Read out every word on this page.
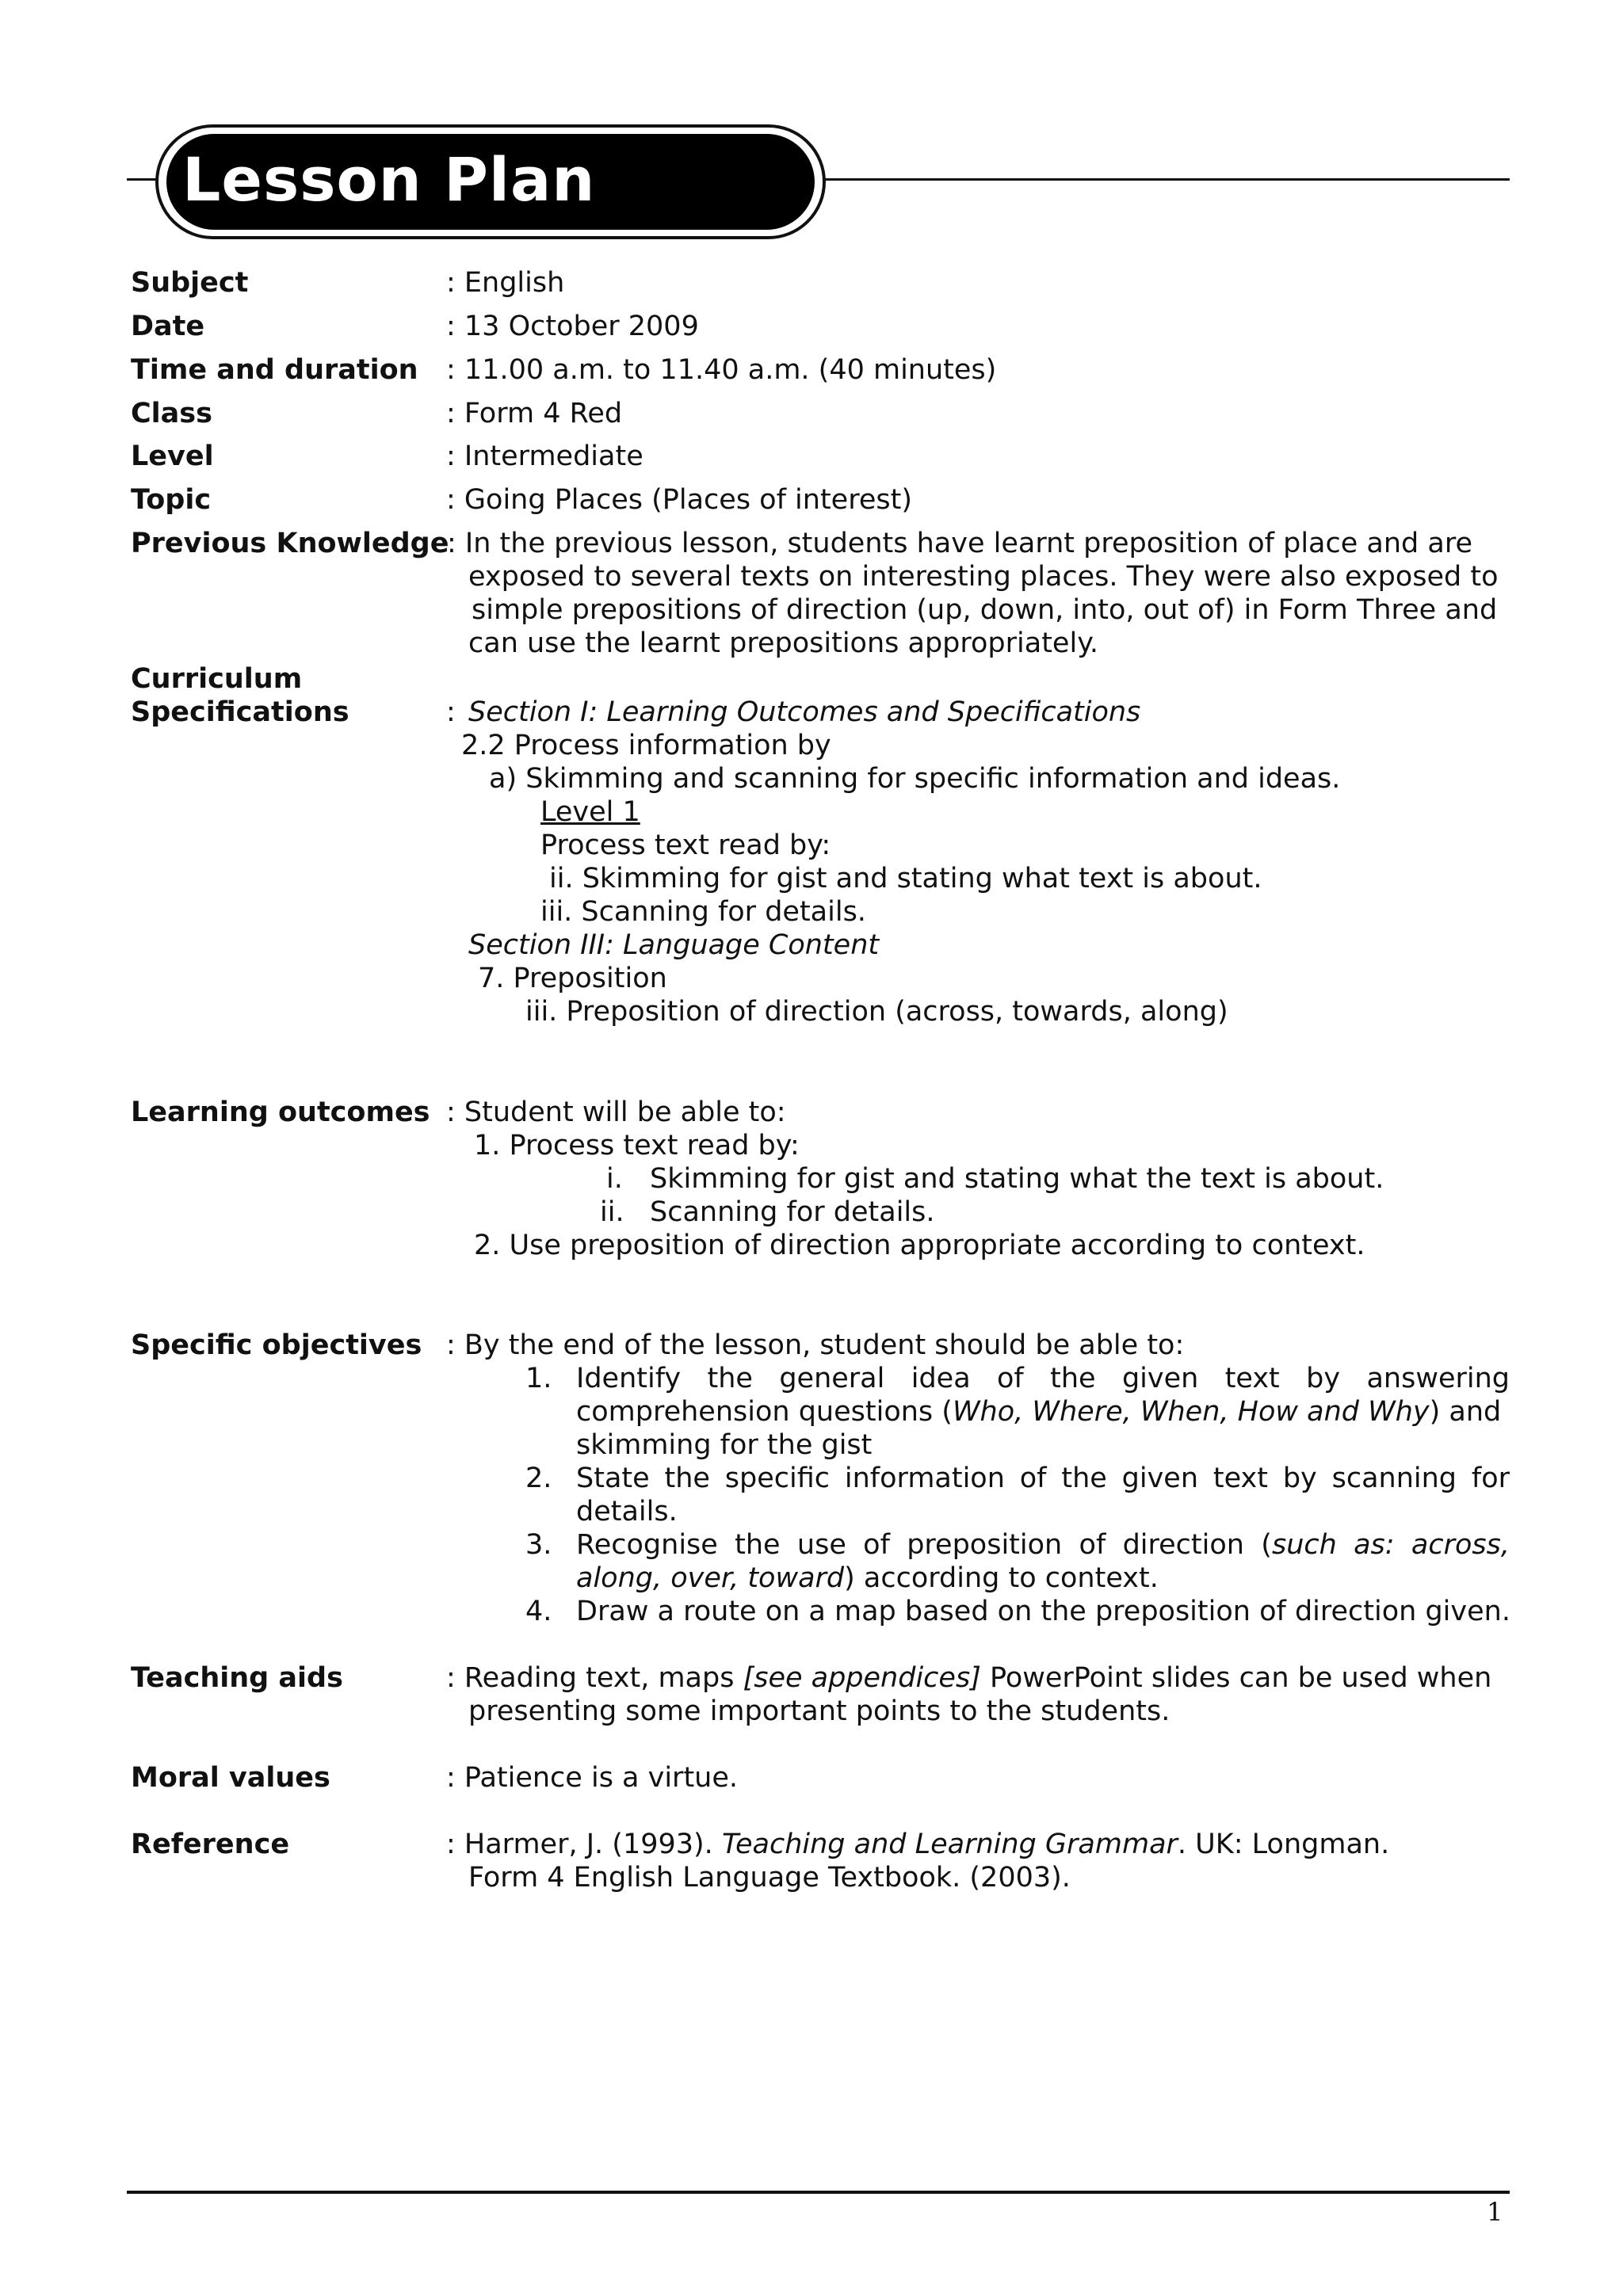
Lesson Plan
Subject	: English
Date	: 13 October 2009
Time and duration : 11.00 a.m. to 11.40 a.m. (40 minutes)
Class	: Form 4 Red
Level	: Intermediate
Topic	: Going Places (Places of interest)
Previous Knowledge
: In the previous lesson, students have learnt preposition of place and are
exposed to several texts on interesting places. They were also exposed to
simple prepositions of direction (up, down, into, out of) in Form Three and
can use the learnt prepositions appropriately.
Curriculum
Specifications	: Section I: Learning Outcomes and Specifications
2.2 Process information by
a) Skimming and scanning for specific information and ideas.
Level 1
Process text read by:
ii. Skimming for gist and stating what text is about.
iii. Scanning for details.
Section III: Language Content
7. Preposition
iii. Preposition of direction (across, towards, along)
Learning outcomes : Student will be able to:
1. Process text read by:
i. Skimming for gist and stating what the text is about.
ii. Scanning for details.
2. Use preposition of direction appropriate according to context.
Specific objectives : By the end of the lesson, student should be able to:
1. Identify the general idea of the given text by answering
comprehension questions (Who, Where, When, How and Why) and
skimming for the gist
2. State the specific information of the given text by scanning for
details.
3. Recognise the use of preposition of direction (such as: across,
along, over, toward) according to context.
4. Draw a route on a map based on the preposition of direction given.
Teaching aids	: Reading text, maps [see appendices] PowerPoint slides can be used when
presenting some important points to the students.
Moral values	: Patience is a virtue.
Reference	: Harmer, J. (1993). Teaching and Learning Grammar. UK: Longman.
Form 4 English Language Textbook. (2003).
1
